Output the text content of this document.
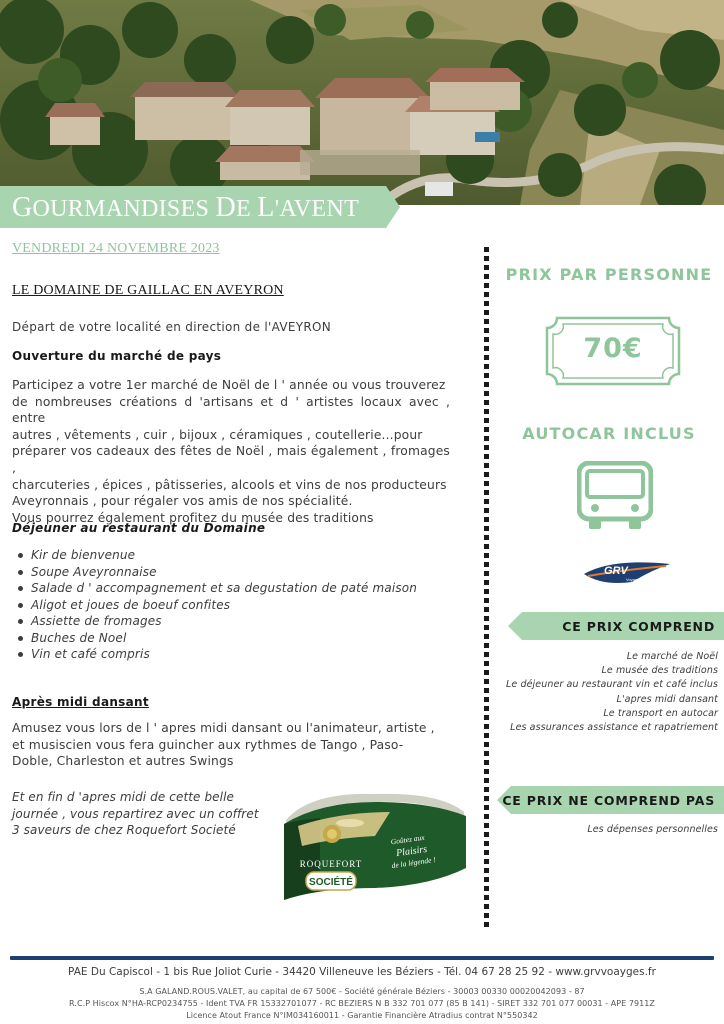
GOURMANDISES DE L'AVENT
VENDREDI 24 NOVEMBRE 2023
LE DOMAINE DE GAILLAC EN AVEYRON
Départ de votre localité en direction de l'AVEYRON
Ouverture du marché de pays
Participez a votre 1er marché de Noël de l ' année ou vous trouverez
de nombreuses créations d 'artisans et d ' artistes locaux avec , entre
autres , vêtements , cuir , bijoux , céramiques , coutellerie...pour
préparer vos cadeaux des fêtes de Noël , mais également , fromages ,
charcuteries , épices , pâtisseries, alcools et vins de nos producteurs
Aveyronnais , pour régaler vos amis de nos spécialité.
Vous pourrez également profitez du musée des traditions
Déjeuner au restaurant du Domaine
Kir de bienvenue
Soupe Aveyronnaise
Salade d ' accompagnement et sa degustation de paté maison
Aligot et joues de boeuf confites
Assiette de fromages
Buches de Noel
Vin et café compris
Après midi dansant
Amusez vous lors de l ' apres midi dansant ou l'animateur, artiste ,
et musiscien vous fera guincher aux rythmes de Tango , Paso-
Doble, Charleston et autres Swings
Et en fin d 'apres midi de cette belle journée , vous repartirez avec un coffret 3 saveurs de chez Roquefort Societé
ROQUEFORT
SOCIÉTÉ
Goûtez aux
Plaisirs
de la légende !
PRIX PAR PERSONNE
70€
AUTOCAR INCLUS
GRV
Voyages
CE PRIX COMPREND
Le marché de Noël
Le musée des traditions
Le déjeuner au restaurant vin et café inclus
L'apres midi dansant
Le transport en autocar
Les assurances assistance et rapatriement
CE PRIX NE COMPREND PAS
Les dépenses personnelles
PAE Du Capiscol - 1 bis Rue Joliot Curie - 34420 Villeneuve les Béziers - Tél. 04 67 28 25 92 - www.grvvoayges.fr
S.A GALAND.ROUS.VALET, au capital de 67 500€ - Société générale Béziers - 30003 00330 00020042093 - 87
R.C.P Hiscox N°HA-RCP0234755 - Ident TVA FR 15332701077 - RC BEZIERS N B 332 701 077 (85 B 141) - SIRET 332 701 077 00031 - APE 7911Z
Licence Atout France N°IM034160011 - Garantie Financière Atradius contrat N°550342
